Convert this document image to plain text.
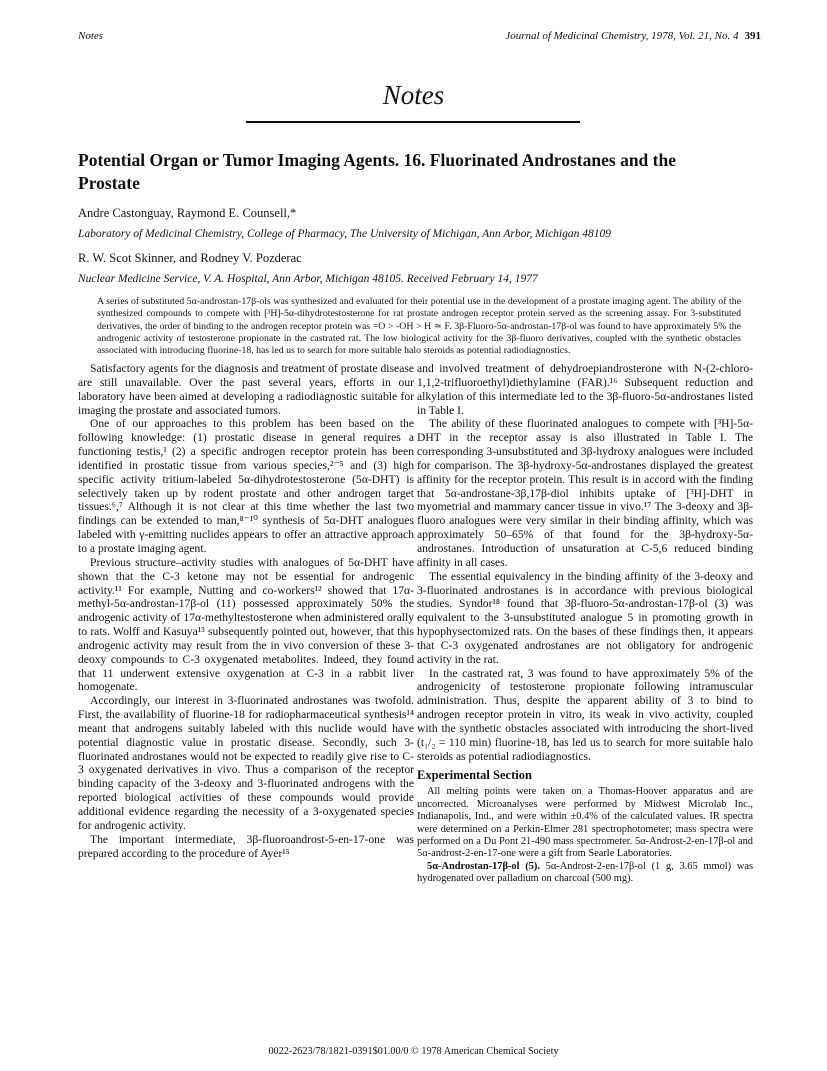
Notes	Journal of Medicinal Chemistry, 1978, Vol. 21, No. 4 391
Notes
Potential Organ or Tumor Imaging Agents. 16. Fluorinated Androstanes and the Prostate
Andre Castonguay, Raymond E. Counsell,*
Laboratory of Medicinal Chemistry, College of Pharmacy, The University of Michigan, Ann Arbor, Michigan 48109
R. W. Scot Skinner, and Rodney V. Pozderac
Nuclear Medicine Service, V. A. Hospital, Ann Arbor, Michigan 48105. Received February 14, 1977
A series of substituted 5α-androstan-17β-ols was synthesized and evaluated for their potential use in the development of a prostate imaging agent. The ability of the synthesized compounds to compete with [³H]-5α-dihydrotestosterone for rat prostate androgen receptor protein served as the screening assay. For 3-substituted derivatives, the order of binding to the androgen receptor protein was =O > -OH > H ≃ F. 3β-Fluoro-5α-androstan-17β-ol was found to have approximately 5% the androgenic activity of testosterone propionate in the castrated rat. The low biological activity for the 3β-fluoro derivatives, coupled with the synthetic obstacles associated with introducing fluorine-18, has led us to search for more suitable halo steroids as potential radiodiagnostics.

Satisfactory agents for the diagnosis and treatment of prostate disease are still unavailable. Over the past several years, efforts in our laboratory have been aimed at developing a radiodiagnostic suitable for imaging the prostate and associated tumors.

One of our approaches to this problem has been based on the following knowledge: (1) prostatic disease in general requires a functioning testis,¹ (2) a specific androgen receptor protein has been identified in prostatic tissue from various species,²⁻⁵ and (3) high specific activity tritium-labeled 5α-dihydrotestosterone (5α-DHT) is selectively taken up by rodent prostate and other androgen target tissues.⁶,⁷ Although it is not clear at this time whether the last two findings can be extended to man,⁸⁻¹⁰ synthesis of 5α-DHT analogues labeled with γ-emitting nuclides appears to offer an attractive approach to a prostate imaging agent.

Previous structure–activity studies with analogues of 5α-DHT have shown that the C-3 ketone may not be essential for androgenic activity.¹¹ For example, Nutting and co-workers¹² showed that 17α-methyl-5α-androstan-17β-ol (11) possessed approximately 50% the androgenic activity of 17α-methyltestosterone when administered orally to rats. Wolff and Kasuya¹³ subsequently pointed out, however, that this androgenic activity may result from the in vivo conversion of these 3-deoxy compounds to C-3 oxygenated metabolites. Indeed, they found that 11 underwent extensive oxygenation at C-3 in a rabbit liver homogenate.

Accordingly, our interest in 3-fluorinated androstanes was twofold. First, the availability of fluorine-18 for radiopharmaceutical synthesis¹⁴ meant that androgens suitably labeled with this nuclide would have potential diagnostic value in prostatic disease. Secondly, such 3-fluorinated androstanes would not be expected to readily give rise to C-3 oxygenated derivatives in vivo. Thus a comparison of the receptor binding capacity of the 3-deoxy and 3-fluorinated androgens with the reported biological activities of these compounds would provide additional evidence regarding the necessity of a 3-oxygenated species for androgenic activity.

The important intermediate, 3β-fluoroandrost-5-en-17-one was prepared according to the procedure of Ayer¹⁵

and involved treatment of dehydroepiandrosterone with N-(2-chloro-1,1,2-trifluoroethyl)diethylamine (FAR).¹⁶ Subsequent reduction and alkylation of this intermediate led to the 3β-fluoro-5α-androstanes listed in Table I.

The ability of these fluorinated analogues to compete with [³H]-5α-DHT in the receptor assay is also illustrated in Table I. The corresponding 3-unsubstituted and 3β-hydroxy analogues were included for comparison. The 3β-hydroxy-5α-androstanes displayed the greatest affinity for the receptor protein. This result is in accord with the finding that 5α-androstane-3β,17β-diol inhibits uptake of [³H]-DHT in myometrial and mammary cancer tissue in vivo.¹⁷ The 3-deoxy and 3β-fluoro analogues were very similar in their binding affinity, which was approximately 50–65% of that found for the 3β-hydroxy-5α-androstanes. Introduction of unsaturation at C-5,6 reduced binding affinity in all cases.

The essential equivalency in the binding affinity of the 3-deoxy and 3-fluorinated androstanes is in accordance with previous biological studies. Syndor¹⁸ found that 3β-fluoro-5α-androstan-17β-ol (3) was equivalent to the 3-unsubstituted analogue 5 in promoting growth in hypophysectomized rats. On the bases of these findings then, it appears that C-3 oxygenated androstanes are not obligatory for androgenic activity in the rat.

In the castrated rat, 3 was found to have approximately 5% of the androgenicity of testosterone propionate following intramuscular administration. Thus, despite the apparent ability of 3 to bind to androgen receptor protein in vitro, its weak in vivo activity, coupled with the synthetic obstacles associated with introducing the short-lived (t₁/₂ = 110 min) fluorine-18, has led us to search for more suitable halo steroids as potential radiodiagnostics.

Experimental Section

All melting points were taken on a Thomas-Hoover apparatus and are uncorrected. Microanalyses were performed by Midwest Microlab Inc., Indianapolis, Ind., and were within ±0.4% of the calculated values. IR spectra were determined on a Perkin-Elmer 281 spectrophotometer; mass spectra were performed on a Du Pont 21-490 mass spectrometer. 5α-Androst-2-en-17β-ol and 5α-androst-2-en-17-one were a gift from Searle Laboratories.

5α-Androstan-17β-ol (5). 5α-Androst-2-en-17β-ol (1 g, 3.65 mmol) was hydrogenated over palladium on charcoal (500 mg).

0022-2623/78/1821-0391$01.00/0 © 1978 American Chemical Society
